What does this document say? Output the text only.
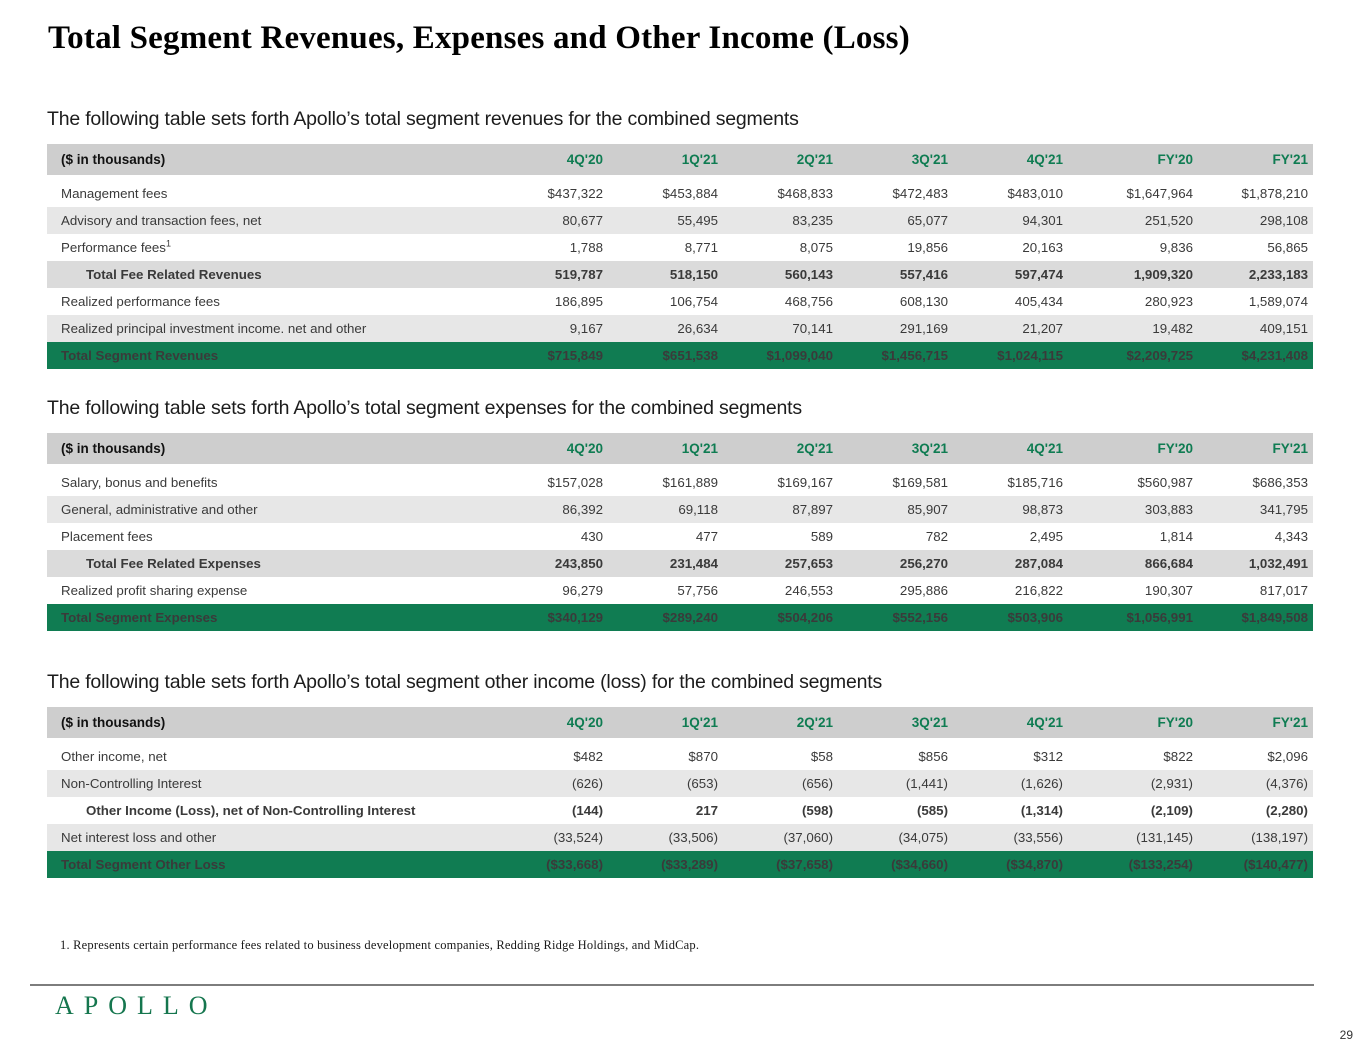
Total Segment Revenues, Expenses and Other Income (Loss)

The following table sets forth Apollo’s total segment revenues for the combined segments

($ in thousands)	4Q'20	1Q'21	2Q'21	3Q'21	4Q'21	FY'20	FY'21
Management fees	$437,322	$453,884	$468,833	$472,483	$483,010	$1,647,964	$1,878,210
Advisory and transaction fees, net	80,677	55,495	83,235	65,077	94,301	251,520	298,108
Performance fees$^1$	1,788	8,771	8,075	19,856	20,163	9,836	56,865
Total Fee Related Revenues	519,787	518,150	560,143	557,416	597,474	1,909,320	2,233,183
Realized performance fees	186,895	106,754	468,756	608,130	405,434	280,923	1,589,074
Realized principal investment income. net and other	9,167	26,634	70,141	291,169	21,207	19,482	409,151
Total Segment Revenues	$715,849	$651,538	$1,099,040	$1,456,715	$1,024,115	$2,209,725	$4,231,408

The following table sets forth Apollo’s total segment expenses for the combined segments

($ in thousands)	4Q'20	1Q'21	2Q'21	3Q'21	4Q'21	FY'20	FY'21
Salary, bonus and benefits	$157,028	$161,889	$169,167	$169,581	$185,716	$560,987	$686,353
General, administrative and other	86,392	69,118	87,897	85,907	98,873	303,883	341,795
Placement fees	430	477	589	782	2,495	1,814	4,343
Total Fee Related Expenses	243,850	231,484	257,653	256,270	287,084	866,684	1,032,491
Realized profit sharing expense	96,279	57,756	246,553	295,886	216,822	190,307	817,017
Total Segment Expenses	$340,129	$289,240	$504,206	$552,156	$503,906	$1,056,991	$1,849,508

The following table sets forth Apollo’s total segment other income (loss) for the combined segments

($ in thousands)	4Q'20	1Q'21	2Q'21	3Q'21	4Q'21	FY'20	FY'21
Other income, net	$482	$870	$58	$856	$312	$822	$2,096
Non-Controlling Interest	(626)	(653)	(656)	(1,441)	(1,626)	(2,931)	(4,376)
Other Income (Loss), net of Non-Controlling Interest	(144)	217	(598)	(585)	(1,314)	(2,109)	(2,280)
Net interest loss and other	(33,524)	(33,506)	(37,060)	(34,075)	(33,556)	(131,145)	(138,197)
Total Segment Other Loss	($33,668)	($33,289)	($37,658)	($34,660)	($34,870)	($133,254)	($140,477)
1. Represents certain performance fees related to business development companies, Redding Ridge Holdings, and MidCap.
APOLLO
29
